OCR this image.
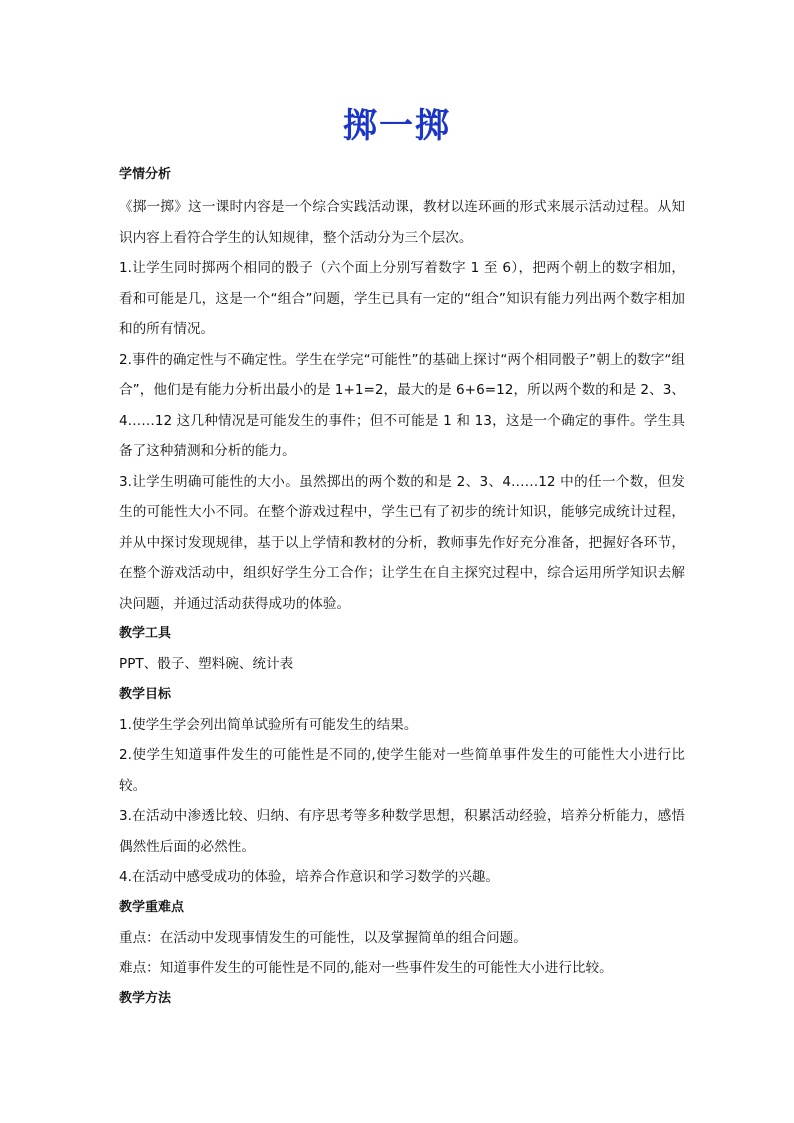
掷一掷

学情分析

《掷一掷》这一课时内容是一个综合实践活动课，教材以连环画的形式来展示活动过程。从知识内容上看符合学生的认知规律，整个活动分为三个层次。

1.让学生同时掷两个相同的骰子（六个面上分别写着数字 1 至 6），把两个朝上的数字相加，看和可能是几，这是一个“组合”问题，学生已具有一定的“组合”知识有能力列出两个数字相加和的所有情况。

2.事件的确定性与不确定性。学生在学完“可能性”的基础上探讨“两个相同骰子”朝上的数字“组合”，他们是有能力分析出最小的是 1+1=2，最大的是 6+6=12，所以两个数的和是 2、3、4……12 这几种情况是可能发生的事件；但不可能是 1 和 13，这是一个确定的事件。学生具备了这种猜测和分析的能力。

3.让学生明确可能性的大小。虽然掷出的两个数的和是 2、3、4……12 中的任一个数，但发生的可能性大小不同。在整个游戏过程中，学生已有了初步的统计知识，能够完成统计过程，并从中探讨发现规律，基于以上学情和教材的分析，教师事先作好充分准备，把握好各环节，在整个游戏活动中，组织好学生分工合作；让学生在自主探究过程中，综合运用所学知识去解决问题，并通过活动获得成功的体验。

教学工具

PPT、骰子、塑料碗、统计表

教学目标

1.使学生学会列出简单试验所有可能发生的结果。

2.使学生知道事件发生的可能性是不同的,使学生能对一些简单事件发生的可能性大小进行比较。

3.在活动中渗透比较、归纳、有序思考等多种数学思想，积累活动经验，培养分析能力，感悟偶然性后面的必然性。

4.在活动中感受成功的体验，培养合作意识和学习数学的兴趣。

教学重难点

重点：在活动中发现事情发生的可能性，以及掌握简单的组合问题。

难点：知道事件发生的可能性是不同的,能对一些事件发生的可能性大小进行比较。

教学方法
